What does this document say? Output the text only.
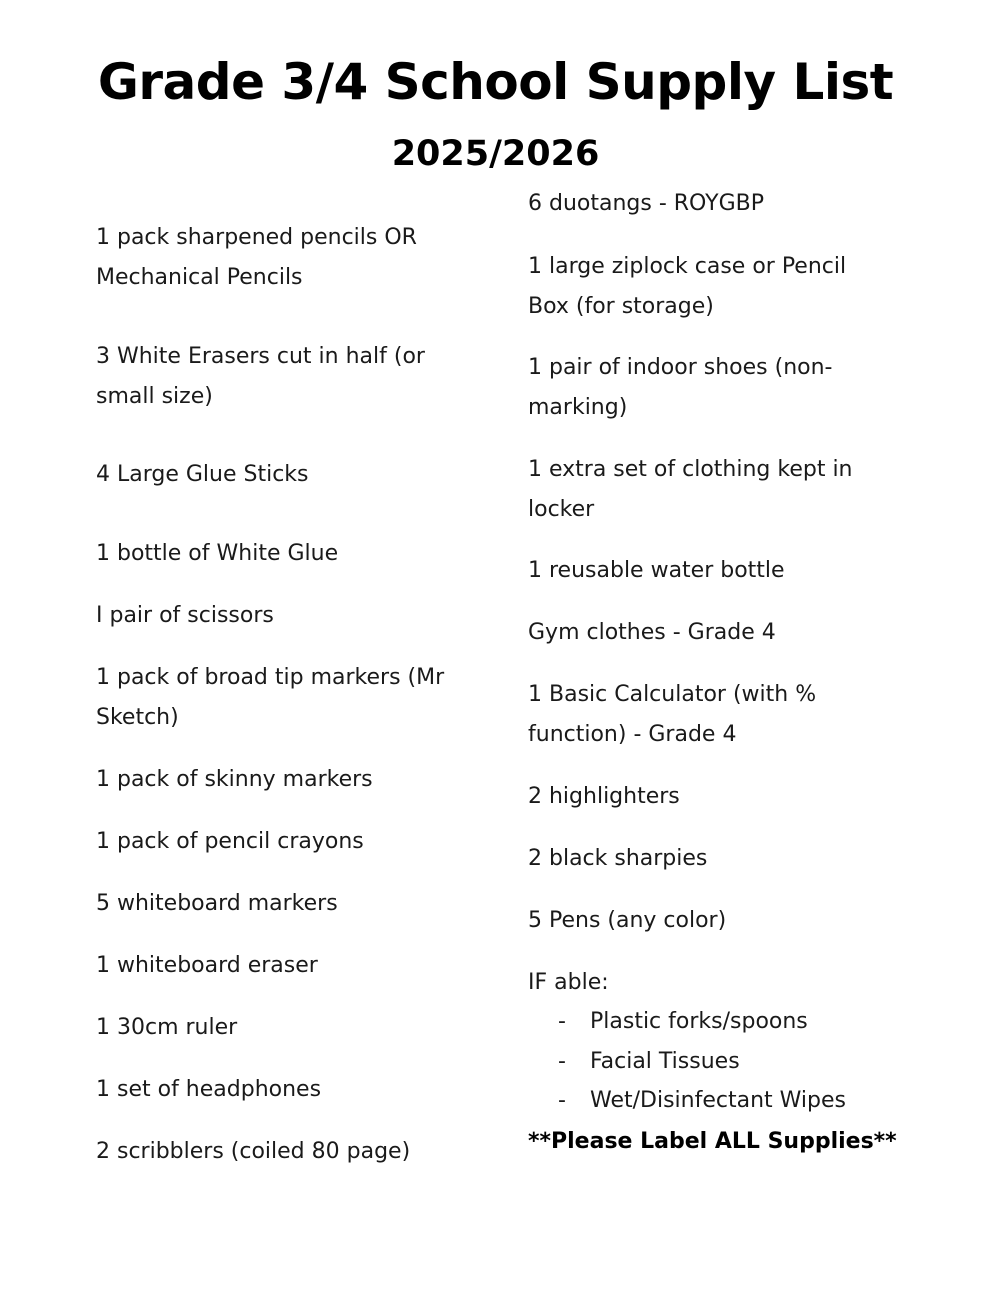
Grade 3/4 School Supply List
2025/2026

1 pack sharpened pencils OR Mechanical Pencils

3 White Erasers cut in half (or small size)

4 Large Glue Sticks

1 bottle of White Glue

I pair of scissors

1 pack of broad tip markers (Mr Sketch)

1 pack of skinny markers

1 pack of pencil crayons

5 whiteboard markers

1 whiteboard eraser

1 30cm ruler

1 set of headphones

2 scribblers (coiled 80 page)

6 duotangs - ROYGBP

1 large ziplock case or Pencil Box (for storage)

1 pair of indoor shoes (non-marking)

1 extra set of clothing kept in locker

1 reusable water bottle

Gym clothes - Grade 4

1 Basic Calculator (with % function) - Grade 4

2 highlighters

2 black sharpies

5 Pens (any color)

IF able:

- Plastic forks/spoons
- Facial Tissues
- Wet/Disinfectant Wipes
**Please Label ALL Supplies**
